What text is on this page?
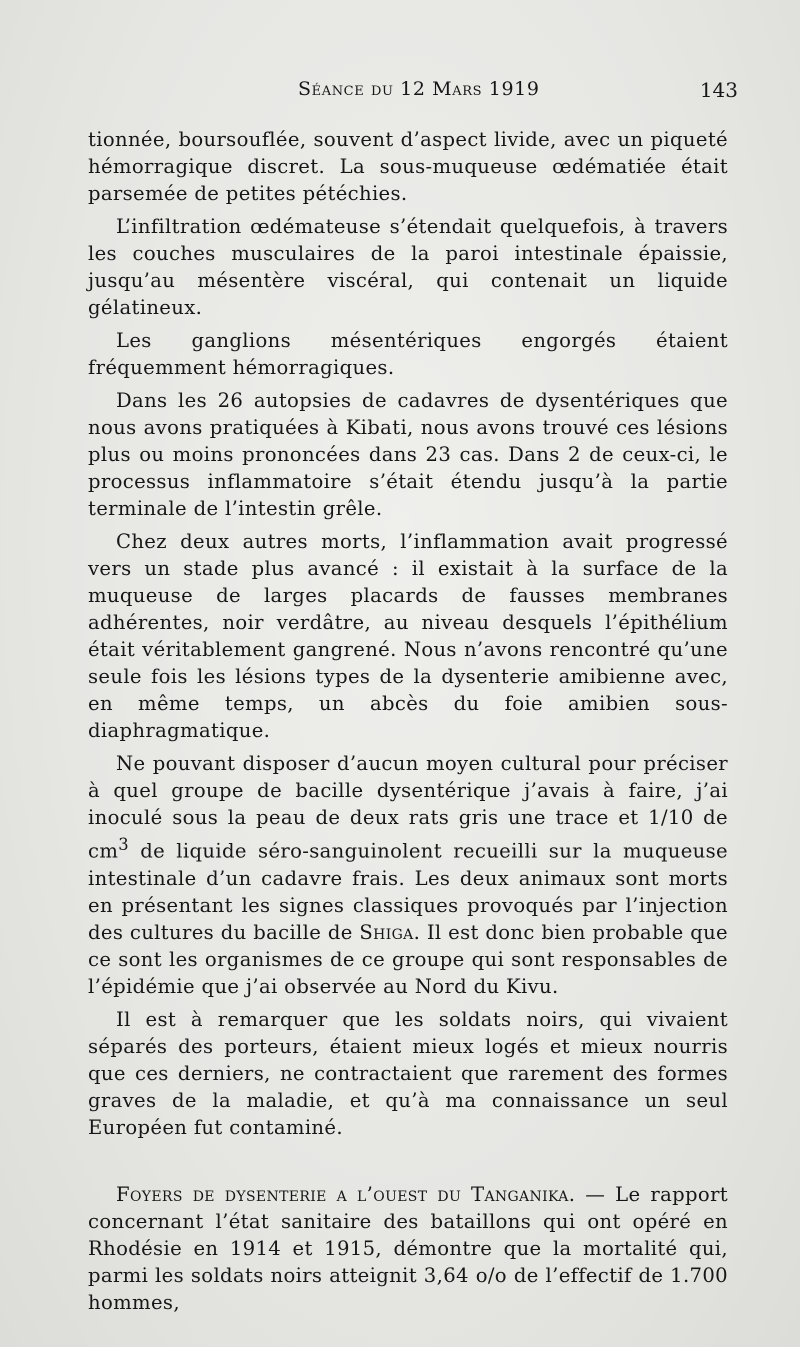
Séance du 12 Mars 1919	143

tionnée, boursouflée, souvent d’aspect livide, avec un piqueté hémorragique discret. La sous-muqueuse œdématiée était parsemée de petites pétéchies.

L’infiltration œdémateuse s’étendait quelquefois, à travers les couches musculaires de la paroi intestinale épaissie, jusqu’au mésentère viscéral, qui contenait un liquide gélatineux.

Les ganglions mésentériques engorgés étaient fréquemment hémorragiques.

Dans les 26 autopsies de cadavres de dysentériques que nous avons pratiquées à Kibati, nous avons trouvé ces lésions plus ou moins prononcées dans 23 cas. Dans 2 de ceux-ci, le processus inflammatoire s’était étendu jusqu’à la partie terminale de l’intestin grêle.

Chez deux autres morts, l’inflammation avait progressé vers un stade plus avancé : il existait à la surface de la muqueuse de larges placards de fausses membranes adhérentes, noir verdâtre, au niveau desquels l’épithélium était véritablement gangrené. Nous n’avons rencontré qu’une seule fois les lésions types de la dysenterie amibienne avec, en même temps, un abcès du foie amibien sous-diaphragmatique.

Ne pouvant disposer d’aucun moyen cultural pour préciser à quel groupe de bacille dysentérique j’avais à faire, j’ai inoculé sous la peau de deux rats gris une trace et 1/10 de $cm^3$ de liquide séro-sanguinolent recueilli sur la muqueuse intestinale d’un cadavre frais. Les deux animaux sont morts en présentant les signes classiques provoqués par l’injection des cultures du bacille de Shiga. Il est donc bien probable que ce sont les organismes de ce groupe qui sont responsables de l’épidémie que j’ai observée au Nord du Kivu.

Il est à remarquer que les soldats noirs, qui vivaient séparés des porteurs, étaient mieux logés et mieux nourris que ces derniers, ne contractaient que rarement des formes graves de la maladie, et qu’à ma connaissance un seul Européen fut contaminé.

Foyers de dysenterie a l’ouest du Tanganika. — Le rapport concernant l’état sanitaire des bataillons qui ont opéré en Rhodésie en 1914 et 1915, démontre que la mortalité qui, parmi les soldats noirs atteignit 3,64 o/o de l’effectif de 1.700 hommes,
